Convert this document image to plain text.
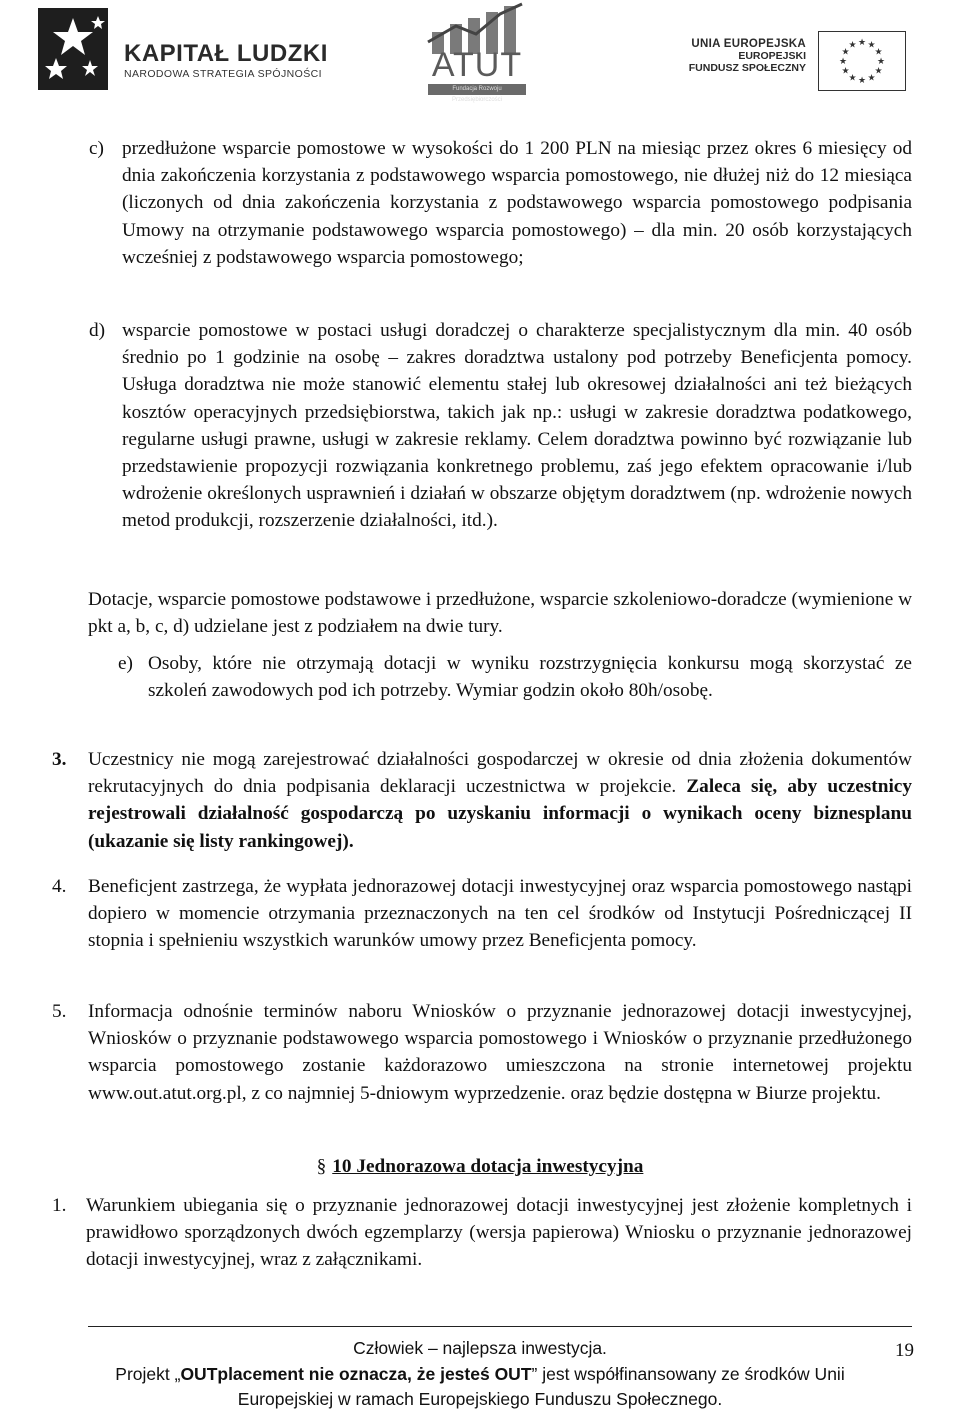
KAPITAŁ LUDZKI
NARODOWA STRATEGIA SPÓJNOŚCI	ATUT
Fundacja Rozwoju Przedsiębiorczości
UNIA EUROPEJSKA
EUROPEJSKI
FUNDUSZ SPOŁECZNY
★
★
★
★
★
★
★
★
★ ★ ★
★
c) przedłużone wsparcie pomostowe w wysokości do 1 200 PLN na miesiąc przez okres 6 miesięcy od dnia zakończenia korzystania z podstawowego wsparcia pomostowego, nie dłużej niż do 12 miesiąca (liczonych od dnia zakończenia korzystania z podstawowego wsparcia pomostowego podpisania Umowy na otrzymanie podstawowego wsparcia pomostowego) – dla min. 20 osób korzystających wcześniej z podstawowego wsparcia pomostowego;
d) wsparcie pomostowe w postaci usługi doradczej o charakterze specjalistycznym dla min. 40 osób średnio po 1 godzinie na osobę – zakres doradztwa ustalony pod potrzeby Beneficjenta pomocy. Usługa doradztwa nie może stanowić elementu stałej lub okresowej działalności ani też bieżących kosztów operacyjnych przedsiębiorstwa, takich jak np.: usługi w zakresie doradztwa podatkowego, regularne usługi prawne, usługi w zakresie reklamy. Celem doradztwa powinno być rozwiązanie lub przedstawienie propozycji rozwiązania konkretnego problemu, zaś jego efektem opracowanie i/lub wdrożenie określonych usprawnień i działań w obszarze objętym doradztwem (np. wdrożenie nowych metod produkcji, rozszerzenie działalności, itd.).
Dotacje, wsparcie pomostowe podstawowe i przedłużone, wsparcie szkoleniowo-doradcze (wymienione w pkt a, b, c, d) udzielane jest z podziałem na dwie tury.
e) Osoby, które nie otrzymają dotacji w wyniku rozstrzygnięcia konkursu mogą skorzystać ze szkoleń zawodowych pod ich potrzeby. Wymiar godzin około 80h/osobę.
3. Uczestnicy nie mogą zarejestrować działalności gospodarczej w okresie od dnia złożenia dokumentów rekrutacyjnych do dnia podpisania deklaracji uczestnictwa w projekcie. Zaleca się, aby uczestnicy rejestrowali działalność gospodarczą po uzyskaniu informacji o wynikach oceny biznesplanu (ukazanie się listy rankingowej).
4. Beneficjent zastrzega, że wypłata jednorazowej dotacji inwestycyjnej oraz wsparcia pomostowego nastąpi dopiero w momencie otrzymania przeznaczonych na ten cel środków od Instytucji Pośredniczącej II stopnia i spełnieniu wszystkich warunków umowy przez Beneficjenta pomocy.
5. Informacja odnośnie terminów naboru Wniosków o przyznanie jednorazowej dotacji inwestycyjnej, Wniosków o przyznanie podstawowego wsparcia pomostowego i Wniosków o przyznanie przedłużonego wsparcia pomostowego zostanie każdorazowo umieszczona na stronie internetowej projektu www.out.atut.org.pl, z co najmniej 5-dniowym wyprzedzenie. oraz będzie dostępna w Biurze projektu.
§ 10 Jednorazowa dotacja inwestycyjna
1. Warunkiem ubiegania się o przyznanie jednorazowej dotacji inwestycyjnej jest złożenie kompletnych i prawidłowo sporządzonych dwóch egzemplarzy (wersja papierowa) Wniosku o przyznanie jednorazowej dotacji inwestycyjnej, wraz z załącznikami.
Człowiek – najlepsza inwestycja.	19
Projekt „OUTplacement nie oznacza, że jesteś OUT” jest współfinansowany ze środków Unii
Europejskiej w ramach Europejskiego Funduszu Społecznego.
